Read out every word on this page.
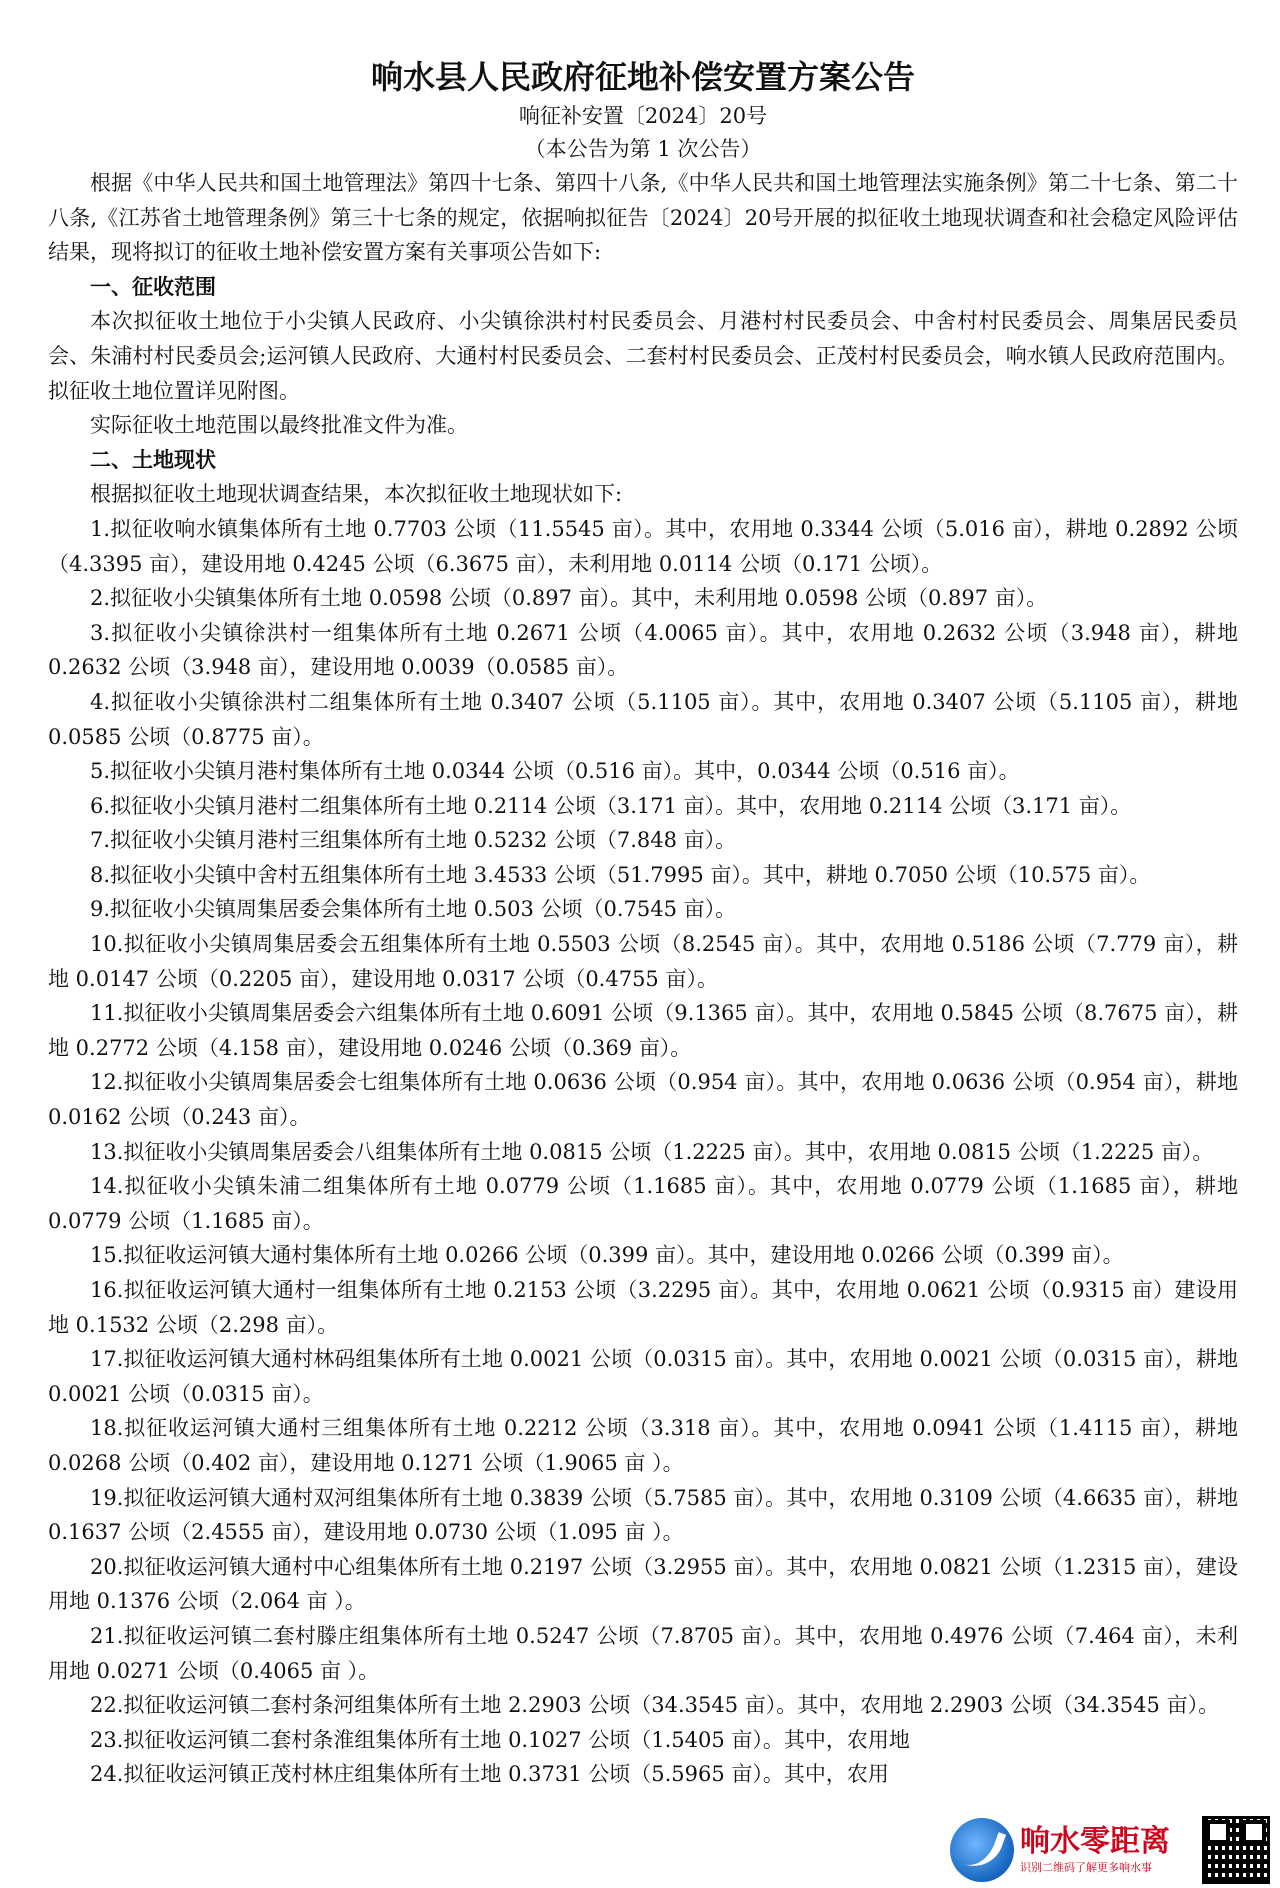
响水县人民政府征地补偿安置方案公告
响征补安置〔2024〕20号
（本公告为第 1 次公告）

根据《中华人民共和国土地管理法》第四十七条、第四十八条,《中华人民共和国土地管理法实施条例》第二十七条、第二十八条,《江苏省土地管理条例》第三十七条的规定，依据响拟征告〔2024〕20号开展的拟征收土地现状调查和社会稳定风险评估结果，现将拟订的征收土地补偿安置方案有关事项公告如下:

一、征收范围

本次拟征收土地位于小尖镇人民政府、小尖镇徐洪村村民委员会、月港村村民委员会、中舍村村民委员会、周集居民委员会、朱浦村村民委员会;运河镇人民政府、大通村村民委员会、二套村村民委员会、正茂村村民委员会，响水镇人民政府范围内。拟征收土地位置详见附图。

实际征收土地范围以最终批准文件为准。

二、土地现状

根据拟征收土地现状调查结果，本次拟征收土地现状如下:

1.拟征收响水镇集体所有土地 0.7703 公顷（11.5545 亩）。其中，农用地 0.3344 公顷（5.016 亩），耕地 0.2892 公顷（4.3395 亩），建设用地 0.4245 公顷（6.3675 亩），未利用地 0.0114 公顷（0.171 公顷）。

2.拟征收小尖镇集体所有土地 0.0598 公顷（0.897 亩）。其中，未利用地 0.0598 公顷（0.897 亩）。

3.拟征收小尖镇徐洪村一组集体所有土地 0.2671 公顷（4.0065 亩）。其中，农用地 0.2632 公顷（3.948 亩），耕地 0.2632 公顷（3.948 亩），建设用地 0.0039（0.0585 亩）。

4.拟征收小尖镇徐洪村二组集体所有土地 0.3407 公顷（5.1105 亩）。其中，农用地 0.3407 公顷（5.1105 亩），耕地 0.0585 公顷（0.8775 亩）。

5.拟征收小尖镇月港村集体所有土地 0.0344 公顷（0.516 亩）。其中，0.0344 公顷（0.516 亩）。

6.拟征收小尖镇月港村二组集体所有土地 0.2114 公顷（3.171 亩）。其中，农用地 0.2114 公顷（3.171 亩）。

7.拟征收小尖镇月港村三组集体所有土地 0.5232 公顷（7.848 亩）。

8.拟征收小尖镇中舍村五组集体所有土地 3.4533 公顷（51.7995 亩）。其中，耕地 0.7050 公顷（10.575 亩）。

9.拟征收小尖镇周集居委会集体所有土地 0.503 公顷（0.7545 亩）。

10.拟征收小尖镇周集居委会五组集体所有土地 0.5503 公顷（8.2545 亩）。其中，农用地 0.5186 公顷（7.779 亩），耕地 0.0147 公顷（0.2205 亩），建设用地 0.0317 公顷（0.4755 亩）。

11.拟征收小尖镇周集居委会六组集体所有土地 0.6091 公顷（9.1365 亩）。其中，农用地 0.5845 公顷（8.7675 亩），耕地 0.2772 公顷（4.158 亩），建设用地 0.0246 公顷（0.369 亩）。

12.拟征收小尖镇周集居委会七组集体所有土地 0.0636 公顷（0.954 亩）。其中，农用地 0.0636 公顷（0.954 亩），耕地 0.0162 公顷（0.243 亩）。

13.拟征收小尖镇周集居委会八组集体所有土地 0.0815 公顷（1.2225 亩）。其中，农用地 0.0815 公顷（1.2225 亩）。

14.拟征收小尖镇朱浦二组集体所有土地 0.0779 公顷（1.1685 亩）。其中，农用地 0.0779 公顷（1.1685 亩），耕地 0.0779 公顷（1.1685 亩）。

15.拟征收运河镇大通村集体所有土地 0.0266 公顷（0.399 亩）。其中，建设用地 0.0266 公顷（0.399 亩）。

16.拟征收运河镇大通村一组集体所有土地 0.2153 公顷（3.2295 亩）。其中，农用地 0.0621 公顷（0.9315 亩）建设用地 0.1532 公顷（2.298 亩）。

17.拟征收运河镇大通村林码组集体所有土地 0.0021 公顷（0.0315 亩）。其中，农用地 0.0021 公顷（0.0315 亩），耕地 0.0021 公顷（0.0315 亩）。

18.拟征收运河镇大通村三组集体所有土地 0.2212 公顷（3.318 亩）。其中，农用地 0.0941 公顷（1.4115 亩），耕地 0.0268 公顷（0.402 亩），建设用地 0.1271 公顷（1.9065 亩 ）。

19.拟征收运河镇大通村双河组集体所有土地 0.3839 公顷（5.7585 亩）。其中，农用地 0.3109 公顷（4.6635 亩），耕地 0.1637 公顷（2.4555 亩），建设用地 0.0730 公顷（1.095 亩 ）。

20.拟征收运河镇大通村中心组集体所有土地 0.2197 公顷（3.2955 亩）。其中，农用地 0.0821 公顷（1.2315 亩），建设用地 0.1376 公顷（2.064 亩 ）。

21.拟征收运河镇二套村滕庄组集体所有土地 0.5247 公顷（7.8705 亩）。其中，农用地 0.4976 公顷（7.464 亩），未利用地 0.0271 公顷（0.4065 亩 ）。

22.拟征收运河镇二套村条河组集体所有土地 2.2903 公顷（34.3545 亩）。其中，农用地 2.2903 公顷（34.3545 亩）。

23.拟征收运河镇二套村条淮组集体所有土地 0.1027 公顷（1.5405 亩）。其中，农用地

24.拟征收运河镇正茂村林庄组集体所有土地 0.3731 公顷（5.5965 亩）。其中，农用

响水零距离
识别二维码了解更多响水事
